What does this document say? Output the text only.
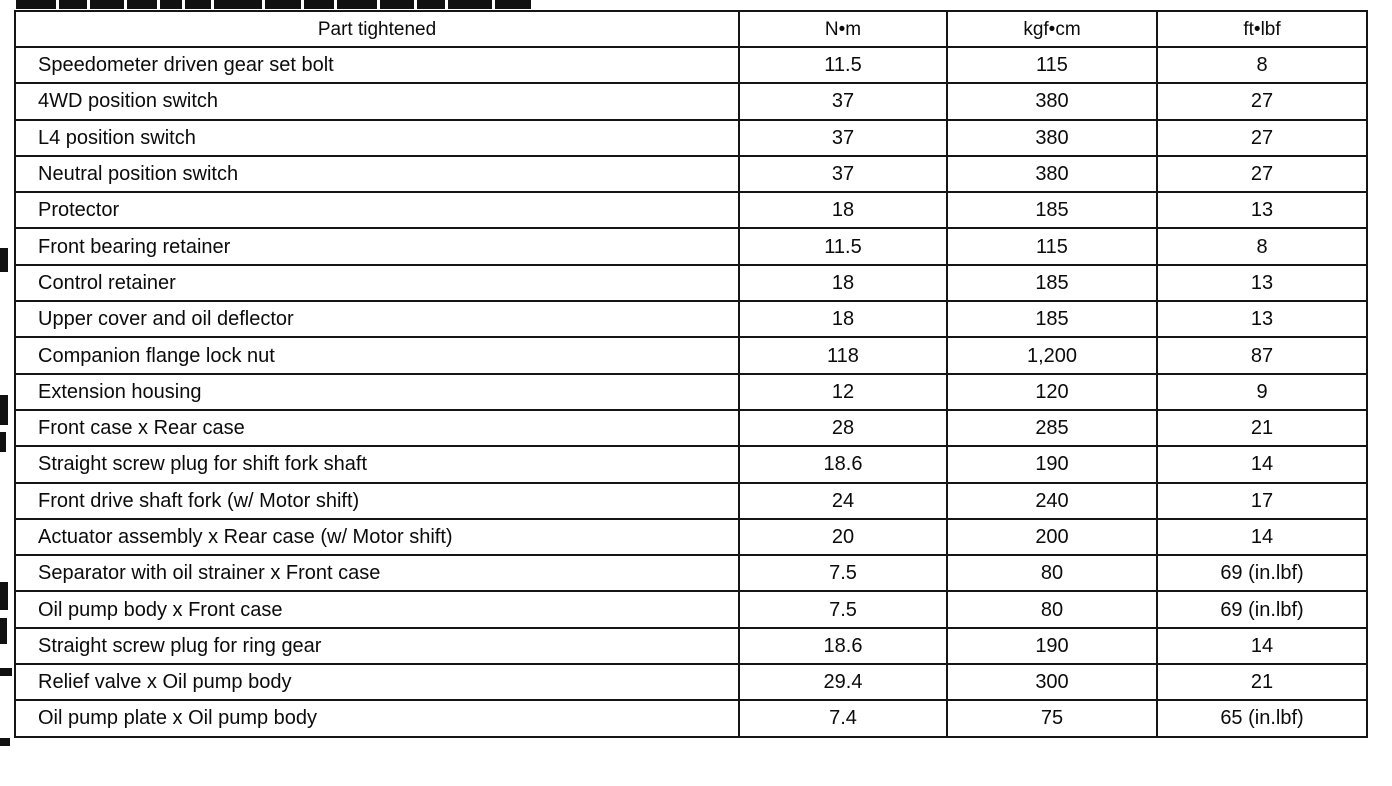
Part tightened	N•m	kgf•cm	ft•lbf
Speedometer driven gear set bolt	11.5	115	8
4WD position switch	37	380	27
L4 position switch	37	380	27
Neutral position switch	37	380	27
Protector	18	185	13
Front bearing retainer	11.5	115	8
Control retainer	18	185	13
Upper cover and oil deflector	18	185	13
Companion flange lock nut	118	1,200	87
Extension housing	12	120	9
Front case x Rear case	28	285	21
Straight screw plug for shift fork shaft	18.6	190	14
Front drive shaft fork (w/ Motor shift)	24	240	17
Actuator assembly x Rear case (w/ Motor shift)	20	200	14
Separator with oil strainer x Front case	7.5	80	69 (in.lbf)
Oil pump body x Front case	7.5	80	69 (in.lbf)
Straight screw plug for ring gear	18.6	190	14
Relief valve x Oil pump body	29.4	300	21
Oil pump plate x Oil pump body	7.4	75	65 (in.lbf)
